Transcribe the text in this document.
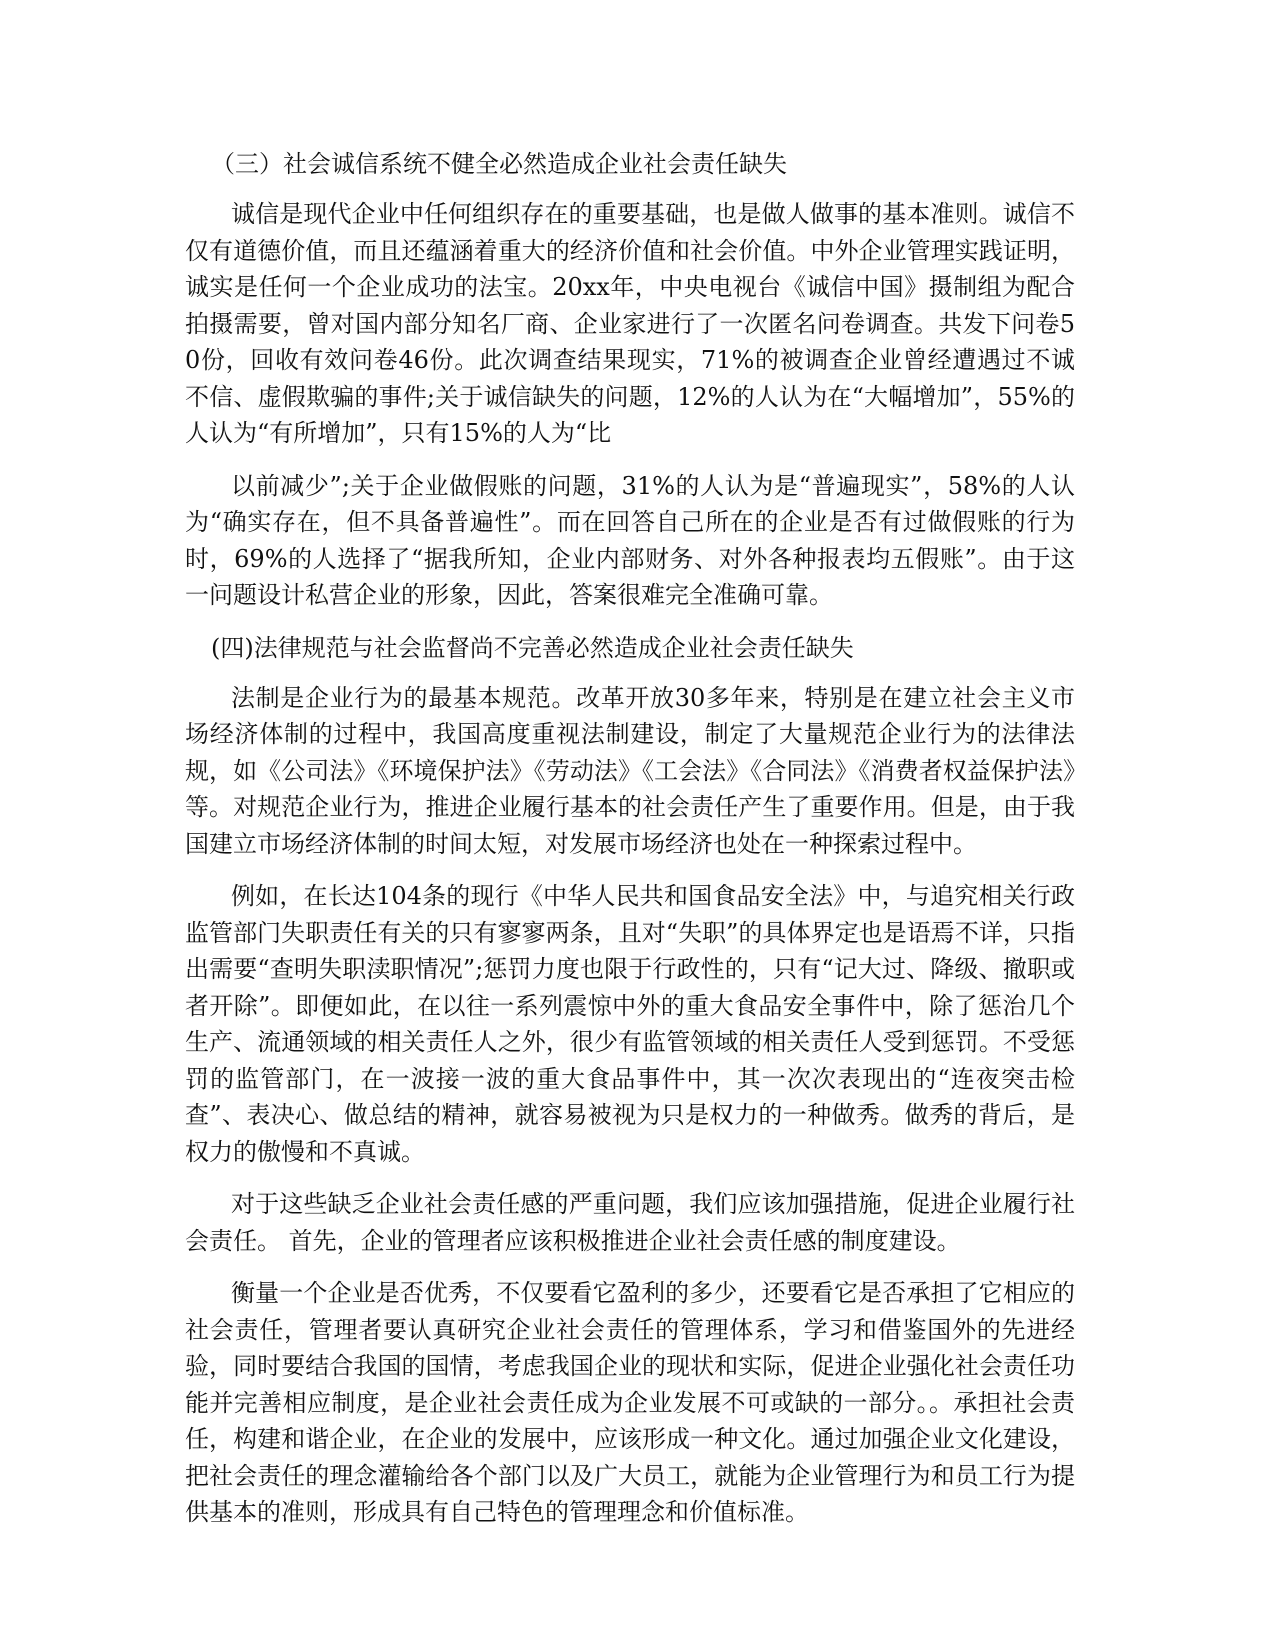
（三）社会诚信系统不健全必然造成企业社会责任缺失

诚信是现代企业中任何组织存在的重要基础，也是做人做事的基本准则。诚信不仅有道德价值，而且还蕴涵着重大的经济价值和社会价值。中外企业管理实践证明，诚实是任何一个企业成功的法宝。20xx年，中央电视台《诚信中国》摄制组为配合拍摄需要，曾对国内部分知名厂商、企业家进行了一次匿名问卷调查。共发下问卷50份，回收有效问卷46份。此次调查结果现实，71%的被调查企业曾经遭遇过不诚不信、虚假欺骗的事件;关于诚信缺失的问题，12%的人认为在“大幅增加”，55%的人认为“有所增加”，只有15%的人为“比

以前减少”;关于企业做假账的问题，31%的人认为是“普遍现实”，58%的人认为“确实存在，但不具备普遍性”。而在回答自己所在的企业是否有过做假账的行为时，69%的人选择了“据我所知，企业内部财务、对外各种报表均五假账”。由于这一问题设计私营企业的形象，因此，答案很难完全准确可靠。

(四)法律规范与社会监督尚不完善必然造成企业社会责任缺失

法制是企业行为的最基本规范。改革开放30多年来，特别是在建立社会主义市场经济体制的过程中，我国高度重视法制建设，制定了大量规范企业行为的法律法规，如《公司法》《环境保护法》《劳动法》《工会法》《合同法》《消费者权益保护法》等。对规范企业行为，推进企业履行基本的社会责任产生了重要作用。但是，由于我国建立市场经济体制的时间太短，对发展市场经济也处在一种探索过程中。

例如，在长达104条的现行《中华人民共和国食品安全法》中，与追究相关行政监管部门失职责任有关的只有寥寥两条，且对“失职”的具体界定也是语焉不详，只指出需要“查明失职渎职情况”;惩罚力度也限于行政性的，只有“记大过、降级、撤职或者开除”。即便如此，在以往一系列震惊中外的重大食品安全事件中，除了惩治几个生产、流通领域的相关责任人之外，很少有监管领域的相关责任人受到惩罚。不受惩罚的监管部门，在一波接一波的重大食品事件中，其一次次表现出的“连夜突击检查”、表决心、做总结的精神，就容易被视为只是权力的一种做秀。做秀的背后，是权力的傲慢和不真诚。

对于这些缺乏企业社会责任感的严重问题，我们应该加强措施，促进企业履行社会责任。 首先，企业的管理者应该积极推进企业社会责任感的制度建设。

衡量一个企业是否优秀，不仅要看它盈利的多少，还要看它是否承担了它相应的社会责任，管理者要认真研究企业社会责任的管理体系，学习和借鉴国外的先进经验，同时要结合我国的国情，考虑我国企业的现状和实际，促进企业强化社会责任功能并完善相应制度，是企业社会责任成为企业发展不可或缺的一部分。。承担社会责任，构建和谐企业，在企业的发展中，应该形成一种文化。通过加强企业文化建设，把社会责任的理念灌输给各个部门以及广大员工，就能为企业管理行为和员工行为提供基本的准则，形成具有自己特色的管理理念和价值标准。
